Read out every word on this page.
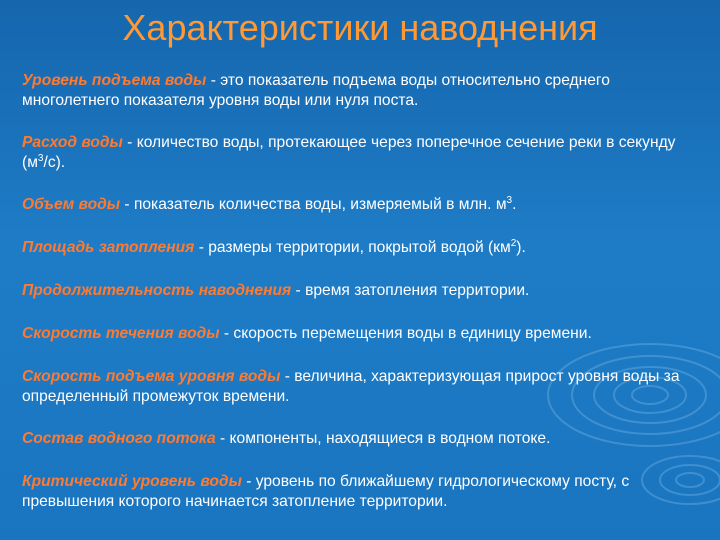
Характеристики наводнения

Уровень подъема воды - это показатель подъема воды относительно среднего многолетнего показателя уровня воды или нуля поста.

Расход воды - количество воды, протекающее через поперечное сечение реки в секунду $(м^3/с)$.

Объем воды - показатель количества воды, измеряемый в млн. $м^3$.

Площадь затопления - размеры территории, покрытой водой $(км^2)$.

Продолжительность наводнения - время затопления территории.

Скорость течения воды - скорость перемещения воды в единицу времени.

Скорость подъема уровня воды - величина, характеризующая прирост уровня воды за определенный промежуток времени.

Состав водного потока - компоненты, находящиеся в водном потоке.

Критический уровень воды - уровень по ближайшему гидрологическому посту, с превышения которого начинается затопление территории.
